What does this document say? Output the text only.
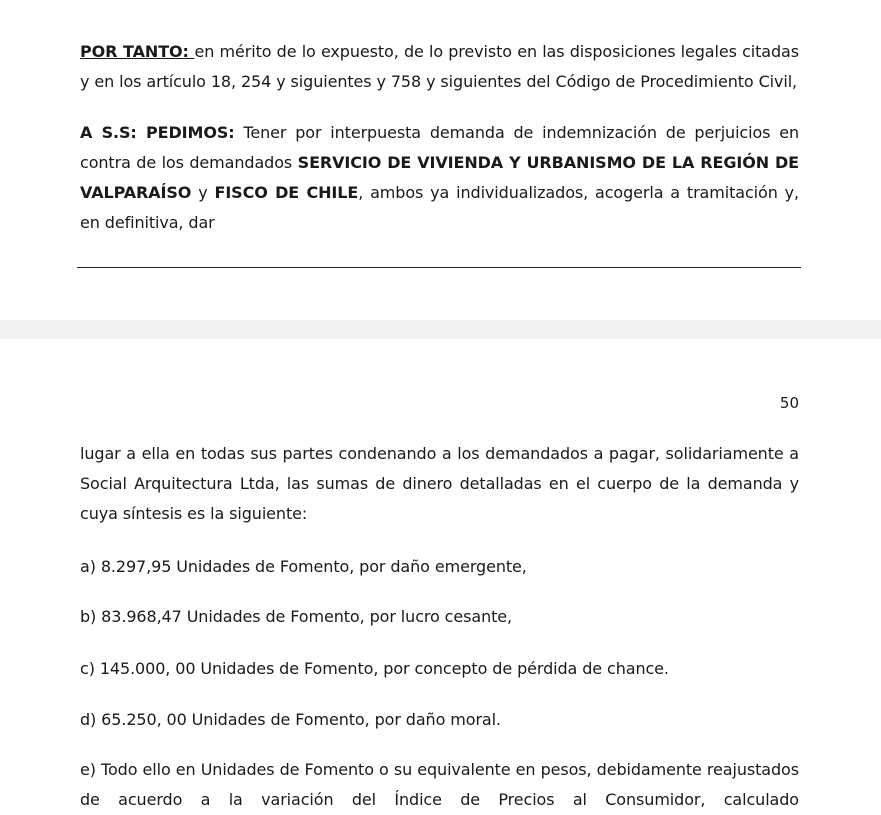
POR TANTO: en mérito de lo expuesto, de lo previsto en las disposiciones legales citadas y en los artículo 18, 254 y siguientes y 758 y siguientes del Código de Procedimiento Civil,

A S.S: PEDIMOS: Tener por interpuesta demanda de indemnización de perjuicios en contra de los demandados SERVICIO DE VIVIENDA Y URBANISMO DE LA REGIÓN DE VALPARAÍSO y FISCO DE CHILE, ambos ya individualizados, acogerla a tramitación y, en definitiva, dar

50

lugar a ella en todas sus partes condenando a los demandados a pagar, solidariamente a Social Arquitectura Ltda, las sumas de dinero detalladas en el cuerpo de la demanda y cuya síntesis es la siguiente:

a) 8.297,95 Unidades de Fomento, por daño emergente,

b) 83.968,47 Unidades de Fomento, por lucro cesante,

c) 145.000, 00 Unidades de Fomento, por concepto de pérdida de chance.

d) 65.250, 00 Unidades de Fomento, por daño moral.

e) Todo ello en Unidades de Fomento o su equivalente en pesos, debidamente reajustados de acuerdo a la variación del Índice de Precios al Consumidor, calculado
